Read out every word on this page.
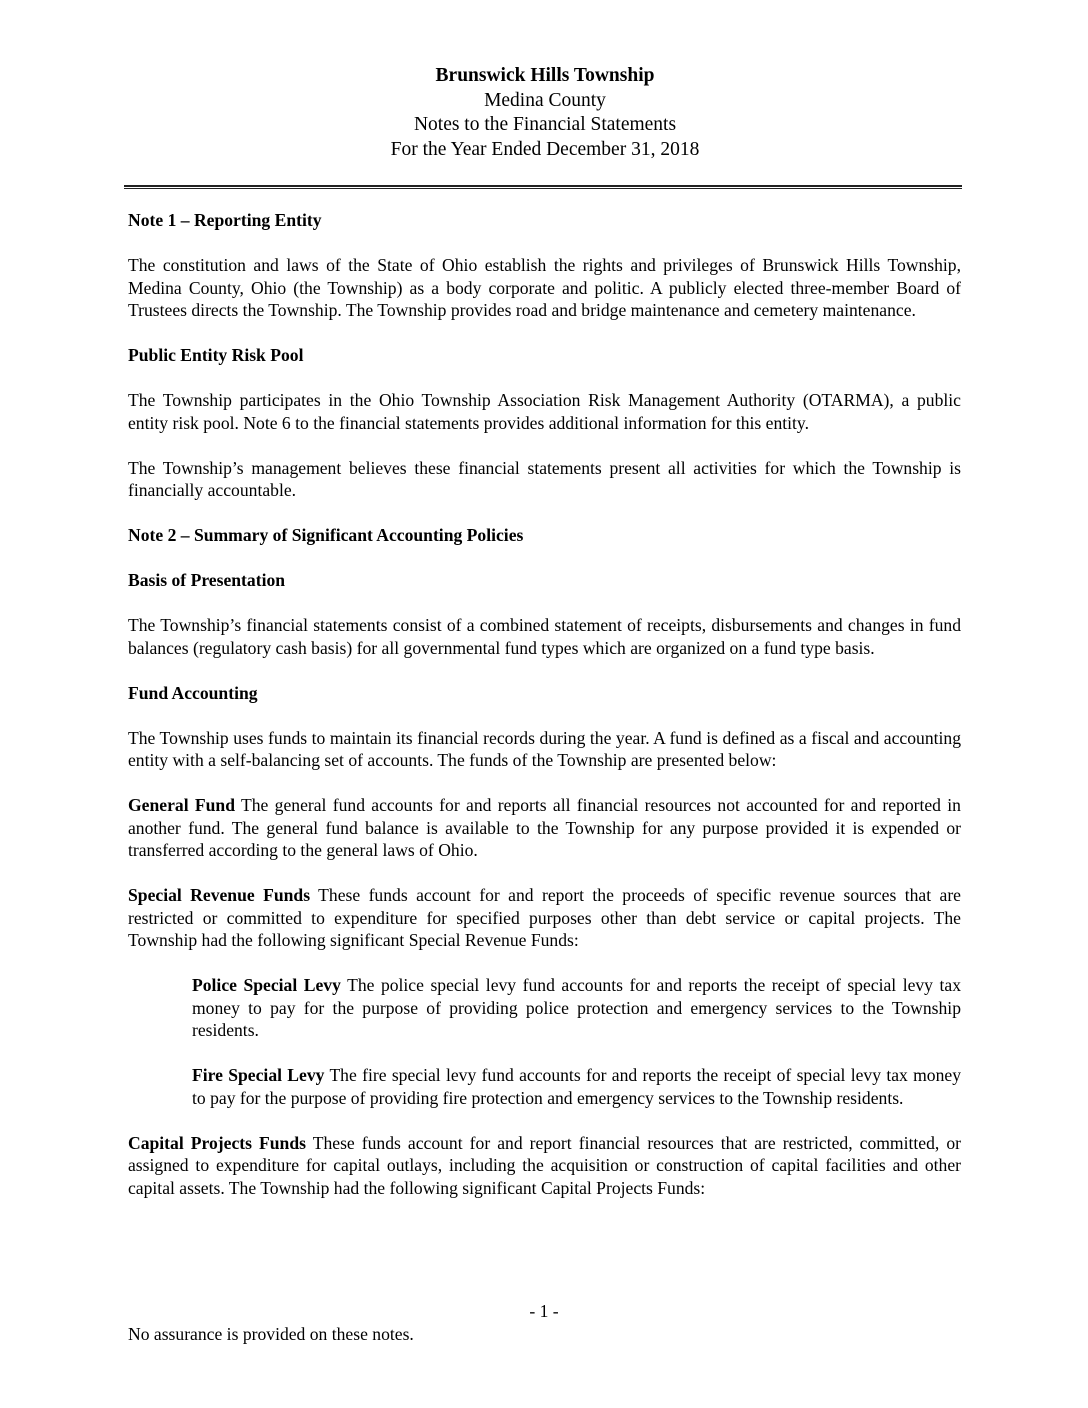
Brunswick Hills Township
Medina County
Notes to the Financial Statements
For the Year Ended December 31, 2018
Note 1 – Reporting Entity

The constitution and laws of the State of Ohio establish the rights and privileges of Brunswick Hills Township, Medina County, Ohio (the Township) as a body corporate and politic. A publicly elected three-member Board of Trustees directs the Township. The Township provides road and bridge maintenance and cemetery maintenance.

Public Entity Risk Pool

The Township participates in the Ohio Township Association Risk Management Authority (OTARMA), a public entity risk pool. Note 6 to the financial statements provides additional information for this entity.

The Township’s management believes these financial statements present all activities for which the Township is financially accountable.

Note 2 – Summary of Significant Accounting Policies
Basis of Presentation

The Township’s financial statements consist of a combined statement of receipts, disbursements and changes in fund balances (regulatory cash basis) for all governmental fund types which are organized on a fund type basis.

Fund Accounting

The Township uses funds to maintain its financial records during the year. A fund is defined as a fiscal and accounting entity with a self-balancing set of accounts. The funds of the Township are presented below:

General Fund The general fund accounts for and reports all financial resources not accounted for and reported in another fund. The general fund balance is available to the Township for any purpose provided it is expended or transferred according to the general laws of Ohio.

Special Revenue Funds These funds account for and report the proceeds of specific revenue sources that are restricted or committed to expenditure for specified purposes other than debt service or capital projects. The Township had the following significant Special Revenue Funds:

Police Special Levy The police special levy fund accounts for and reports the receipt of special levy tax money to pay for the purpose of providing police protection and emergency services to the Township residents.

Fire Special Levy The fire special levy fund accounts for and reports the receipt of special levy tax money to pay for the purpose of providing fire protection and emergency services to the Township residents.

Capital Projects Funds These funds account for and report financial resources that are restricted, committed, or assigned to expenditure for capital outlays, including the acquisition or construction of capital facilities and other capital assets. The Township had the following significant Capital Projects Funds:

- 1 -
No assurance is provided on these notes.
